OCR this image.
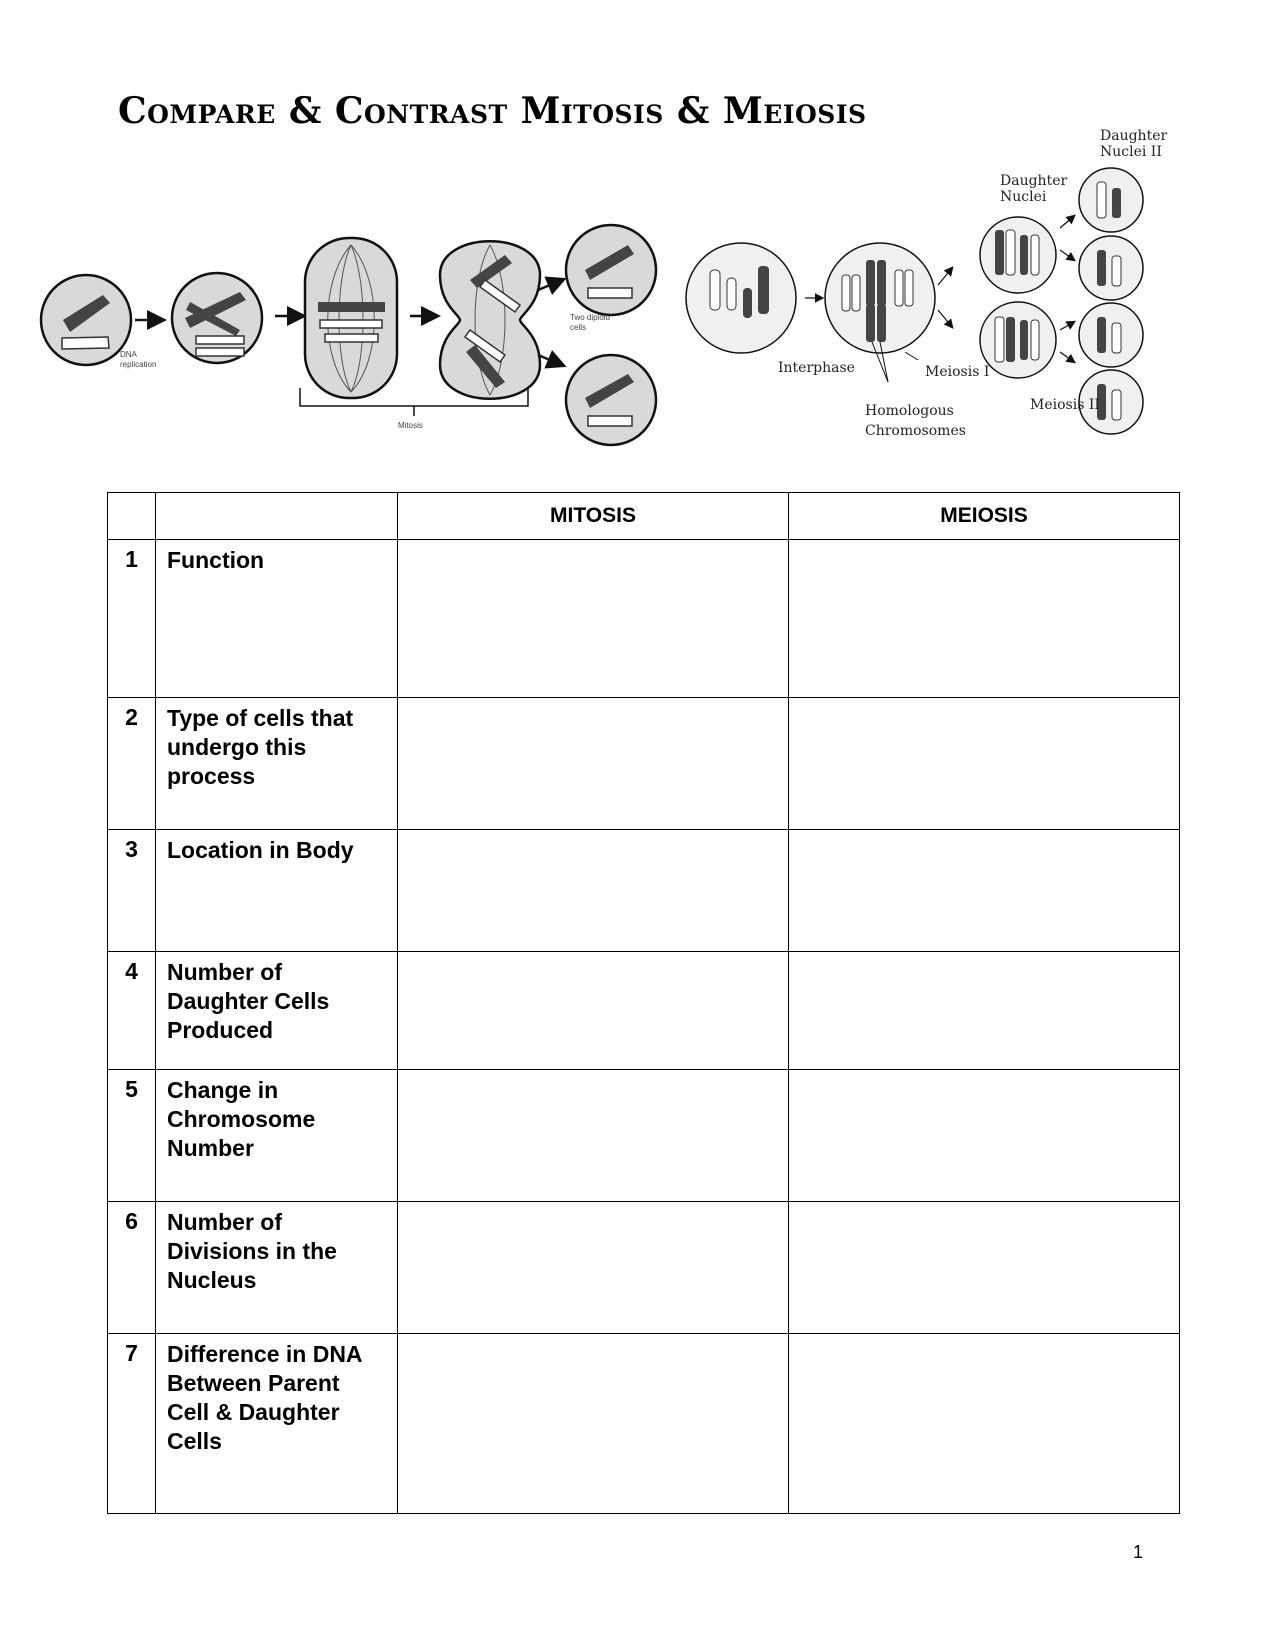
Compare & Contrast Mitosis & Meiosis
Mitosis
DNA
replication
Two diploid
cells
Interphase	Meiosis I
Meiosis II
Homologous
Chromosomes
Daughter
Nuclei
Daughter
Nuclei II
		MITOSIS	MEIOSIS
1	Function		
2	Type of cells that undergo this process		
3	Location in Body		
4	Number of Daughter Cells Produced		
5	Change in Chromosome Number		
6	Number of Divisions in the Nucleus		
7	Difference in DNA Between Parent Cell & Daughter Cells		
1
